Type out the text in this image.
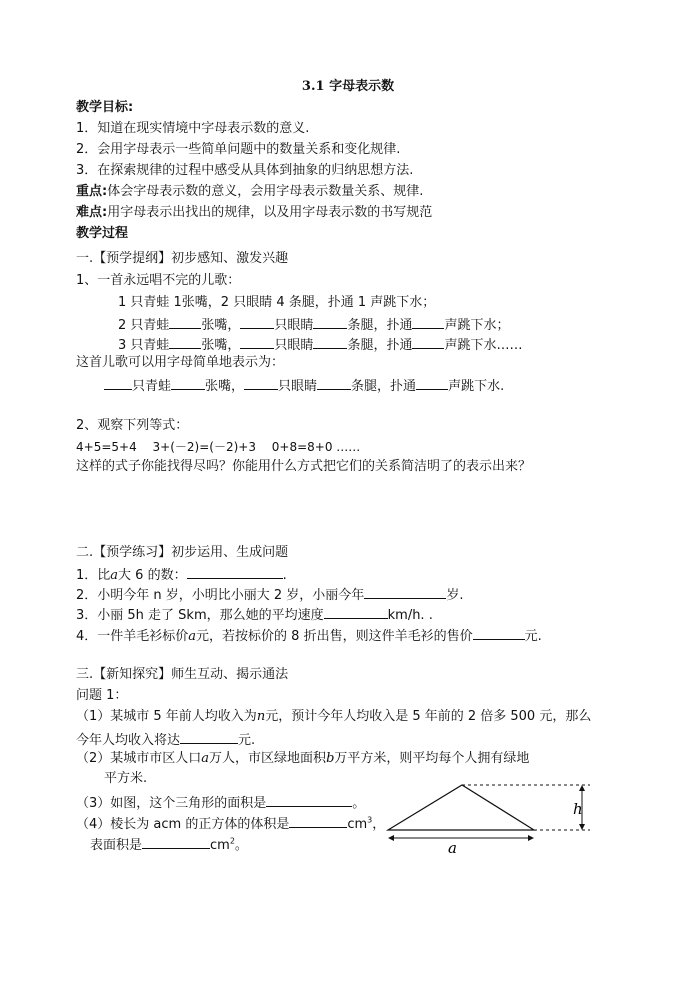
3.1 字母表示数
教学目标:
1．知道在现实情境中字母表示数的意义.
2．会用字母表示一些简单问题中的数量关系和变化规律.
3．在探索规律的过程中感受从具体到抽象的归纳思想方法.
重点:体会字母表示数的意义，会用字母表示数量关系、规律.
难点:用字母表示出找出的规律，以及用字母表示数的书写规范
教学过程
一.【预学提纲】初步感知、激发兴趣
1、一首永远唱不完的儿歌：
1 只青蛙 1张嘴，2 只眼睛 4 条腿，扑通 1 声跳下水；
2 只青蛙 张嘴，	只眼睛	条腿，扑通 声跳下水；
3 只青蛙 张嘴，	只眼睛	条腿，扑通 声跳下水……
这首儿歌可以用字母简单地表示为：
只青蛙	张嘴，	只眼睛	条腿，扑通 声跳下水.
2、观察下列等式：
4+5=5+4　 3+(－2)=(－2)+3　 0+8=8+0 ……
这样的式子你能找得尽吗？你能用什么方式把它们的关系简洁明了的表示出来？
二.【预学练习】初步运用、生成问题
1．比a大 6 的数：	.
2．小明今年 n 岁，小明比小丽大 2 岁，小丽今年	岁.
3．小丽 5h 走了 Skm，那么她的平均速度	km/h. .
4．一件羊毛衫标价a元，若按标价的 8 折出售，则这件羊毛衫的售价	元.
三.【新知探究】师生互动、揭示通法
问题 1：
（1）某城市 5 年前人均收入为n元，预计今年人均收入是 5 年前的 2 倍多 500 元，那么
今年人均收入将达	元.
（2）某城市市区人口a万人，市区绿地面积b万平方米，则平均每个人拥有绿地
平方米.
（3）如图，这个三角形的面积是	。
（4）棱长为 acm 的正方体的体积是	$cm^3$，
表面积是	$cm^2$。
h
a
